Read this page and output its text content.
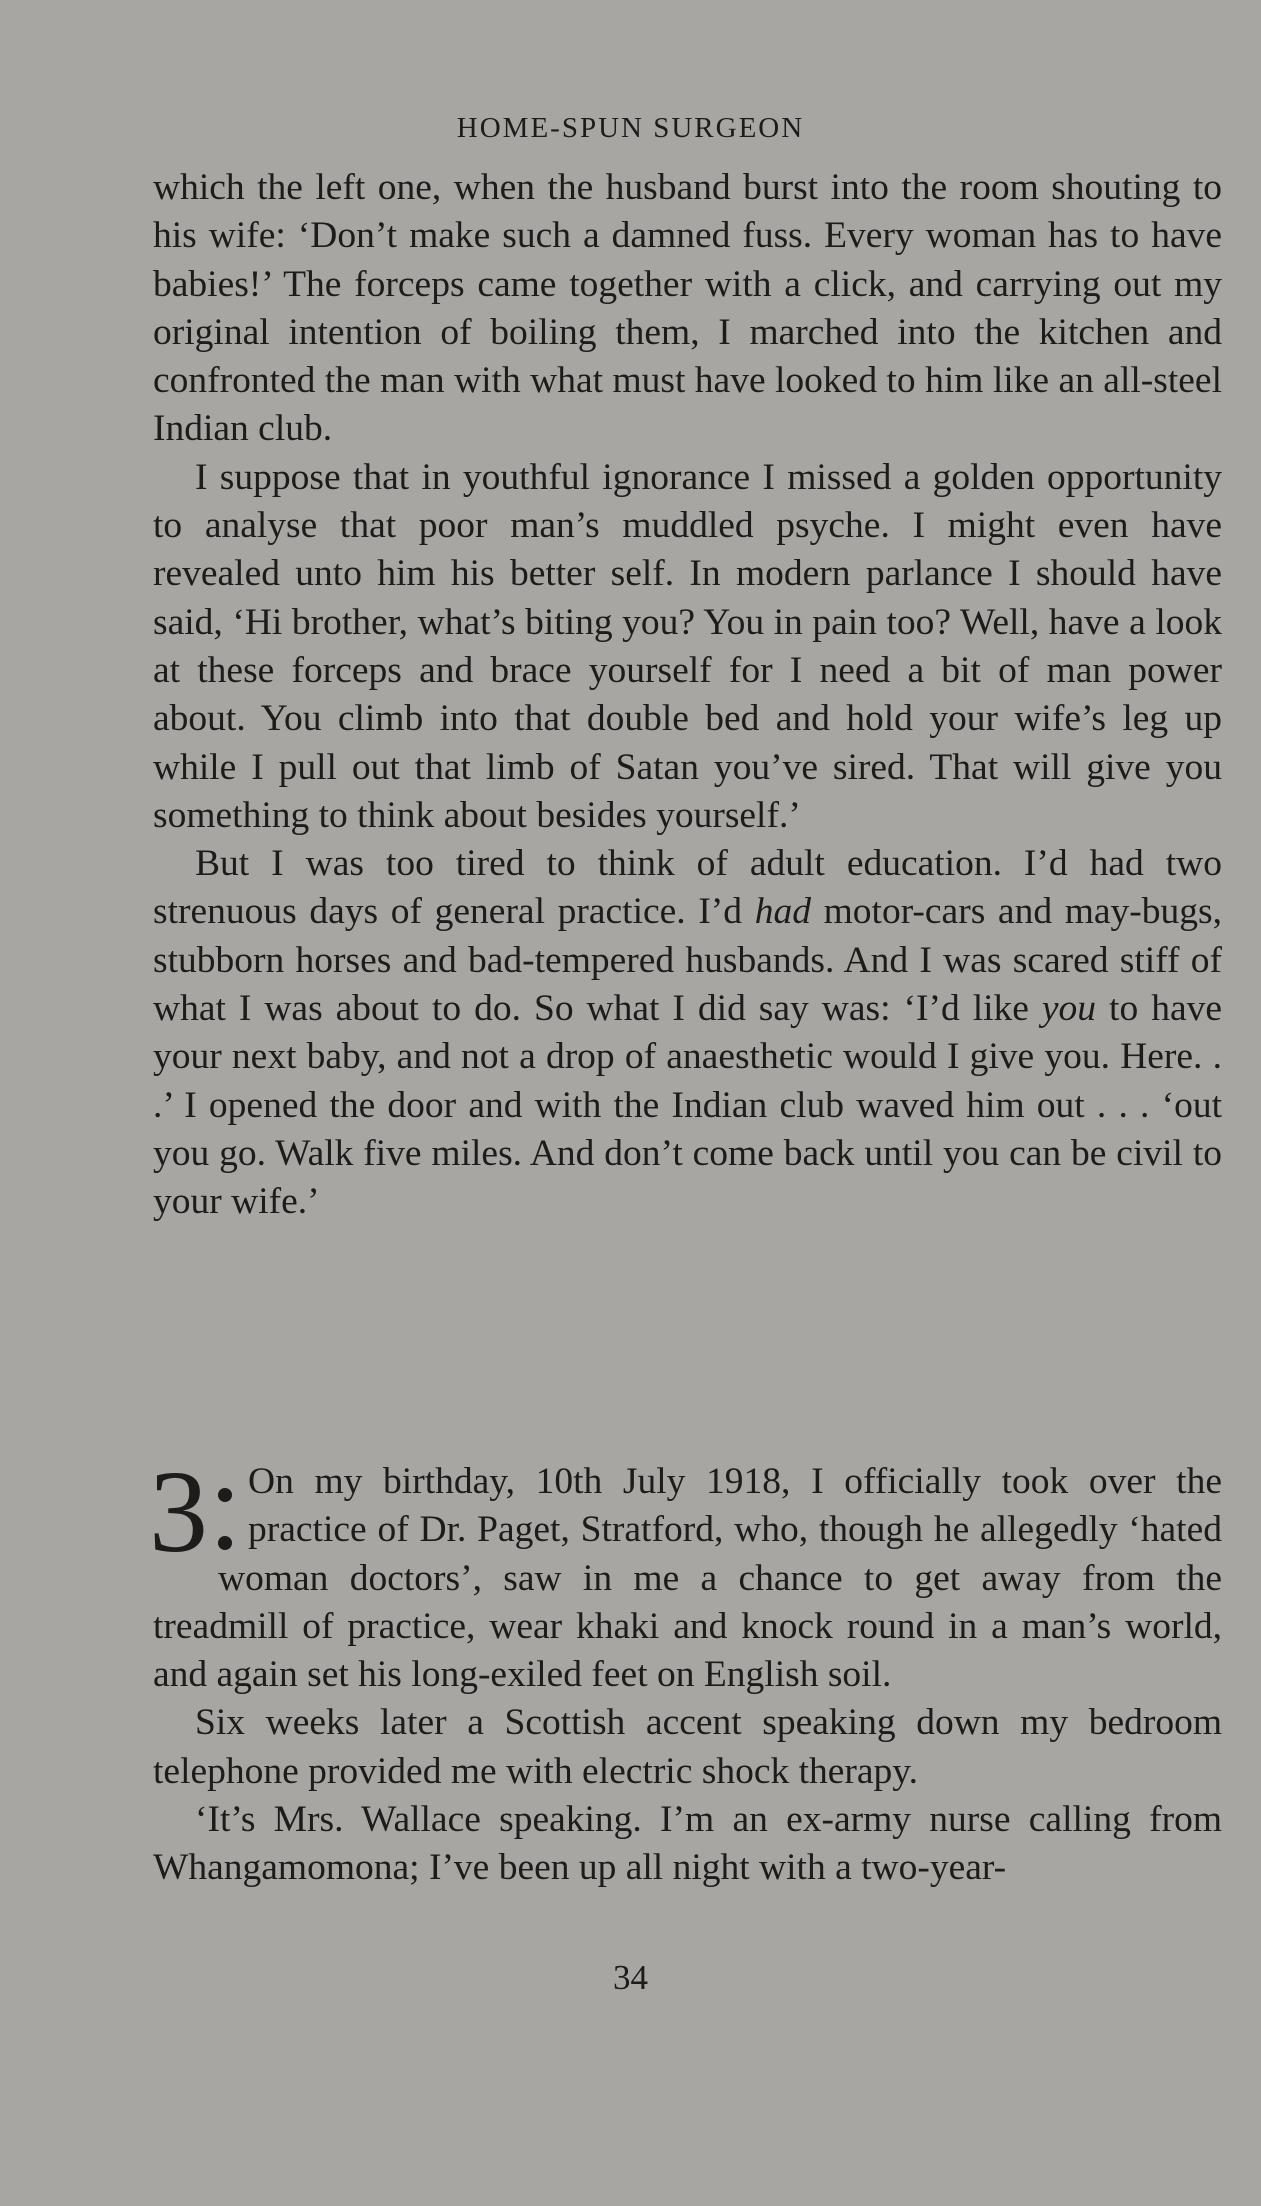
HOME-SPUN SURGEON

which the left one, when the husband burst into the room shouting to his wife: ‘Don’t make such a damned fuss. Every woman has to have babies!’ The forceps came together with a click, and carrying out my original intention of boiling them, I marched into the kitchen and confronted the man with what must have looked to him like an all-steel Indian club.

I suppose that in youthful ignorance I missed a golden opportunity to analyse that poor man’s muddled psyche. I might even have revealed unto him his better self. In modern parlance I should have said, ‘Hi brother, what’s biting you? You in pain too? Well, have a look at these forceps and brace yourself for I need a bit of man power about. You climb into that double bed and hold your wife’s leg up while I pull out that limb of Satan you’ve sired. That will give you something to think about besides yourself.’

But I was too tired to think of adult education. I’d had two strenuous days of general practice. I’d had motor-cars and may-bugs, stubborn horses and bad-tempered husbands. And I was scared stiff of what I was about to do. So what I did say was: ‘I’d like you to have your next baby, and not a drop of anaesthetic would I give you. Here. . .’ I opened the door and with the Indian club waved him out . . . ‘out you go. Walk five miles. And don’t come back until you can be civil to your wife.’

3	On my birthday, 10th July 1918, I officially took over the practice of Dr. Paget, Stratford, who, though he allegedly ‘hated woman doctors’, saw in me a chance to get away from the treadmill of practice, wear khaki and knock round in a man’s world, and again set his long-exiled feet on English soil.

Six weeks later a Scottish accent speaking down my bedroom telephone provided me with electric shock therapy.

‘It’s Mrs. Wallace speaking. I’m an ex-army nurse calling from Whangamomona; I’ve been up all night with a two-year-

34
